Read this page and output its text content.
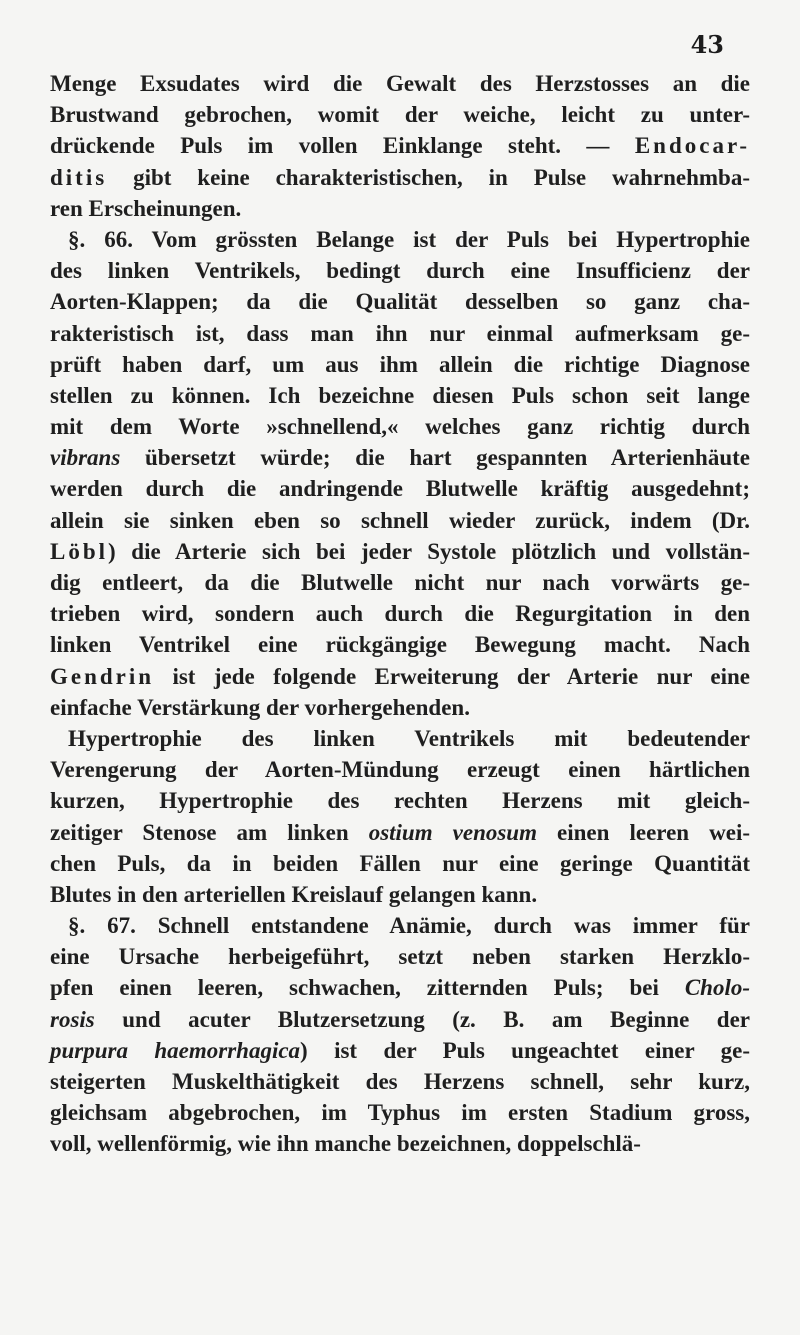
43
Menge Exsudates wird die Gewalt des Herzstosses an die
Brustwand gebrochen, womit der weiche, leicht zu unter-
drückende Puls im vollen Einklange steht. — Endocar-
ditis gibt keine charakteristischen, in Pulse wahrnehmba-
ren Erscheinungen.
§. 66. Vom grössten Belange ist der Puls bei Hypertrophie
des linken Ventrikels, bedingt durch eine Insufficienz der
Aorten-Klappen; da die Qualität desselben so ganz cha-
rakteristisch ist, dass man ihn nur einmal aufmerksam ge-
prüft haben darf, um aus ihm allein die richtige Diagnose
stellen zu können. Ich bezeichne diesen Puls schon seit lange
mit dem Worte »schnellend,« welches ganz richtig durch
vibrans übersetzt würde; die hart gespannten Arterienhäute
werden durch die andringende Blutwelle kräftig ausgedehnt;
allein sie sinken eben so schnell wieder zurück, indem (Dr.
Löbl) die Arterie sich bei jeder Systole plötzlich und vollstän-
dig entleert, da die Blutwelle nicht nur nach vorwärts ge-
trieben wird, sondern auch durch die Regurgitation in den
linken Ventrikel eine rückgängige Bewegung macht. Nach
Gendrin ist jede folgende Erweiterung der Arterie nur eine
einfache Verstärkung der vorhergehenden.
Hypertrophie des linken Ventrikels mit bedeutender
Verengerung der Aorten-Mündung erzeugt einen härtlichen
kurzen, Hypertrophie des rechten Herzens mit gleich-
zeitiger Stenose am linken ostium venosum einen leeren wei-
chen Puls, da in beiden Fällen nur eine geringe Quantität
Blutes in den arteriellen Kreislauf gelangen kann.
§. 67. Schnell entstandene Anämie, durch was immer für
eine Ursache herbeigeführt, setzt neben starken Herzklo-
pfen einen leeren, schwachen, zitternden Puls; bei Cholo-
rosis und acuter Blutzersetzung (z. B. am Beginne der
purpura haemorrhagica) ist der Puls ungeachtet einer ge-
steigerten Muskelthätigkeit des Herzens schnell, sehr kurz,
gleichsam abgebrochen, im Typhus im ersten Stadium gross,
voll, wellenförmig, wie ihn manche bezeichnen, doppelschlä-
